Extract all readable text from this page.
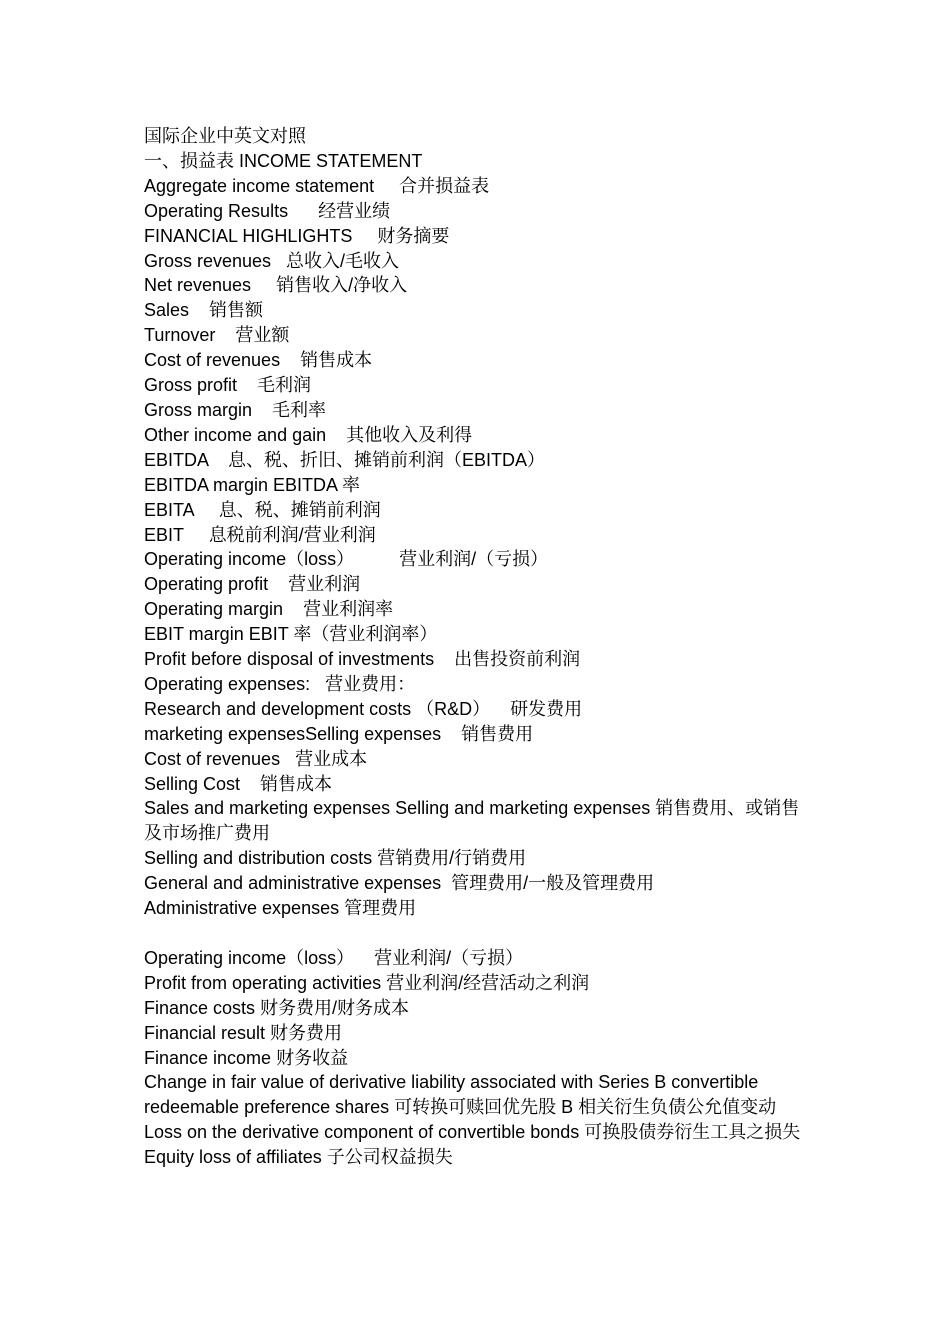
国际企业中英文对照

一、损益表 INCOME STATEMENT

Aggregate income statement     合并损益表

Operating Results      经营业绩

FINANCIAL HIGHLIGHTS     财务摘要

Gross revenues   总收入/毛收入

Net revenues     销售收入/净收入

Sales    销售额

Turnover    营业额

Cost of revenues    销售成本

Gross profit    毛利润

Gross margin    毛利率

Other income and gain    其他收入及利得

EBITDA    息、税、折旧、摊销前利润（EBITDA）

EBITDA margin EBITDA 率

EBITA     息、税、摊销前利润

EBIT     息税前利润/营业利润

Operating income（loss）         营业利润/（亏损）

Operating profit    营业利润

Operating margin    营业利润率

EBIT margin EBIT 率（营业利润率）

Profit before disposal of investments    出售投资前利润

Operating expenses:   营业费用：

Research and development costs （R&D）    研发费用

marketing expensesSelling expenses    销售费用

Cost of revenues   营业成本

Selling Cost    销售成本

Sales and marketing expenses Selling and marketing expenses 销售费用、或销售及市场推广费用

Selling and distribution costs 营销费用/行销费用

General and administrative expenses  管理费用/一般及管理费用

Administrative expenses 管理费用

Operating income（loss）    营业利润/（亏损）

Profit from operating activities 营业利润/经营活动之利润

Finance costs 财务费用/财务成本

Financial result 财务费用

Finance income 财务收益

Change in fair value of derivative liability associated with Series B convertible redeemable preference shares 可转换可赎回优先股 B 相关衍生负债公允值变动

Loss on the derivative component of convertible bonds 可换股债券衍生工具之损失

Equity loss of affiliates 子公司权益损失
